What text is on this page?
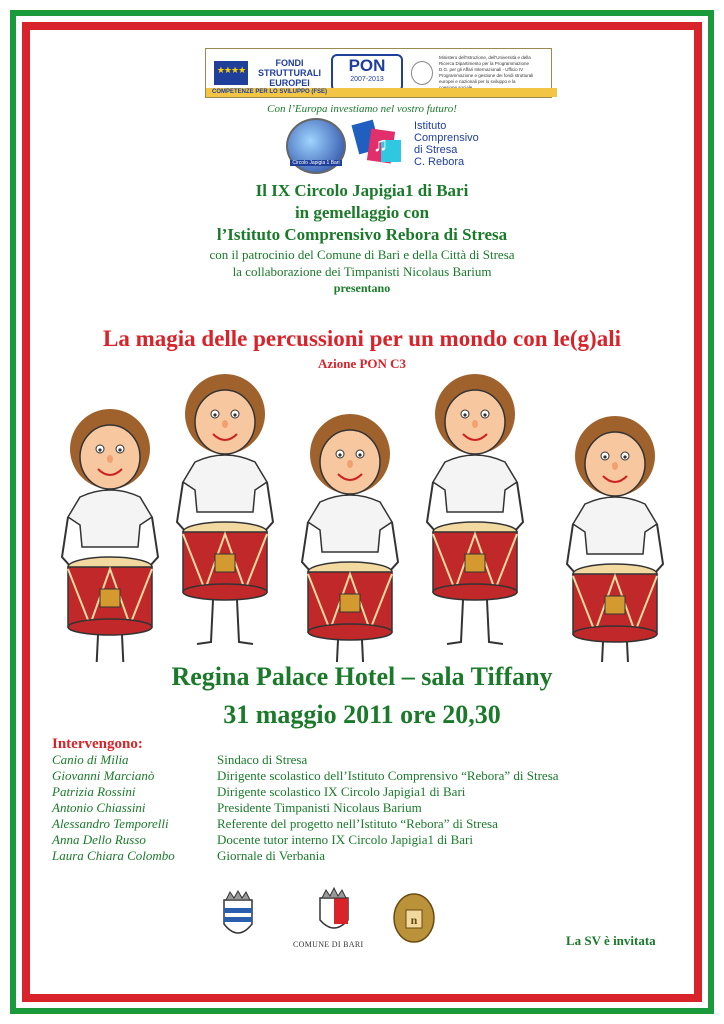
★★★★
FONDI
STRUTTURALI
EUROPEI
PON
2007-2013
Ministero dell'Istruzione, dell'Università e della Ricerca Dipartimento per la Programmazione D.G. per gli Affari Internazionali - Ufficio IV Programmazione e gestione dei fondi strutturali europei e nazionali per lo sviluppo e la
COMPETENZE PER LO SVILUPPO (FSE)
Con l’Europa investiamo nel vostro futuro!
Circolo Japigia 1 Bari
♫
Istituto
Comprensivo
di Stresa
C. Rebora
Il IX Circolo Japigia1 di Bari
in gemellaggio con
l’Istituto Comprensivo Rebora di Stresa
con il patrocinio del Comune di Bari e della Città di Stresa
la collaborazione dei Timpanisti Nicolaus Barium
presentano
La magia delle percussioni per un mondo con le(g)ali
Azione PON C3
Regina Palace Hotel – sala Tiffany
31 maggio 2011 ore 20,30
Intervengono:
Canio di Milia	Sindaco di Stresa
Giovanni Marcianò	Dirigente scolastico dell’Istituto Comprensivo “Rebora” di Stresa
Patrizia Rossini	Dirigente scolastico IX Circolo Japigia1 di Bari
Antonio Chiassini	Presidente Timpanisti Nicolaus Barium
Alessandro Temporelli	Referente del progetto nell’Istituto “Rebora” di Stresa
Anna Dello Russo	Docente tutor interno IX Circolo Japigia1 di Bari
Laura Chiara Colombo	Giornale di Verbania
COMUNE DI BARI
n
La SV è invitata
